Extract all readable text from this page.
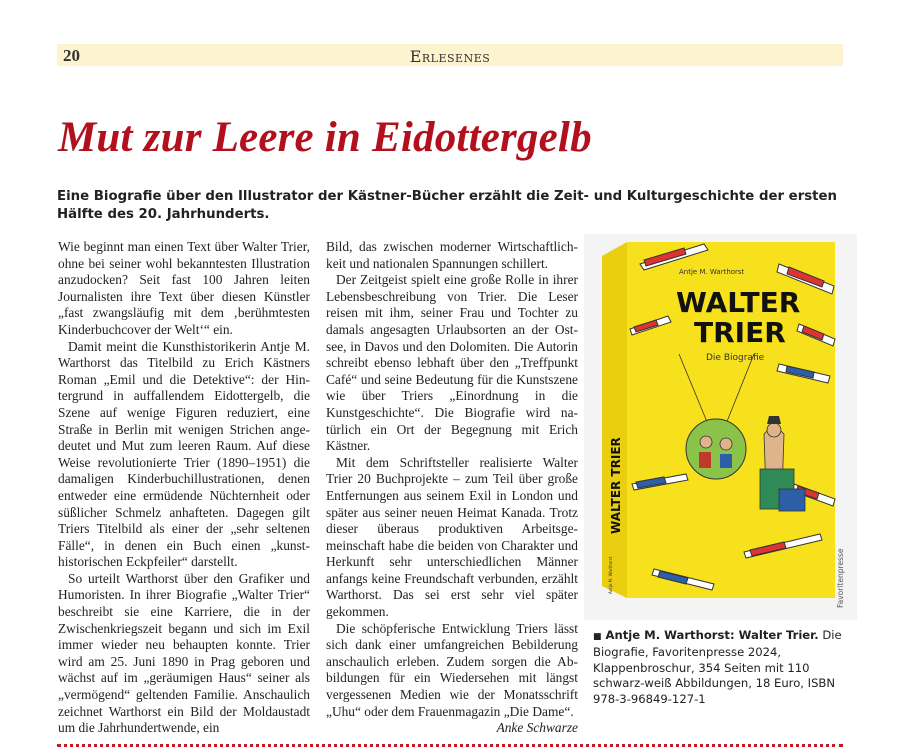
20	Erlesenes
Mut zur Leere in Eidottergelb

Eine Biografie über den Illustrator der Kästner-Bücher erzählt die Zeit- und Kulturgeschichte der ersten Hälfte des 20. Jahrhunderts.

Wie beginnt man einen Text über Walter Trier, ohne bei seiner wohl bekanntesten Illustration anzudocken? Seit fast 100 Jahren leiten Journalisten ihre Text über diesen Künstler „fast zwangsläufig mit dem ‚berühmtesten Kinderbuchcover der Welt‘“ ein.

Damit meint die Kunsthistorikerin Antje M. Warthorst das Titelbild zu Erich Kästners Roman „Emil und die Detektive“: der Hintergrund in auffallendem Eidottergelb, die Szene auf wenige Figuren reduziert, eine Straße in Berlin mit wenigen Strichen angedeutet und Mut zum leeren Raum. Auf diese Weise revolutionierte Trier (1890–1951) die damaligen Kinderbuchillustrationen, denen entweder eine ermüdende Nüchternheit oder süßlicher Schmelz anhafteten. Dagegen gilt Triers Titelbild als einer der „sehr seltenen Fälle“, in denen ein Buch einen „kunsthistorischen Eckpfeiler“ darstellt.

So urteilt Warthorst über den Grafiker und Humoristen. In ihrer Biografie „Walter Trier“ beschreibt sie eine Karriere, die in der Zwischenkriegszeit begann und sich im Exil immer wieder neu behaupten konnte. Trier wird am 25. Juni 1890 in Prag geboren und wächst auf im „geräumigen Haus“ seiner als „vermögend“ geltenden Familie. Anschaulich zeichnet Warthorst ein Bild der Moldaustadt um die Jahrhundertwende, ein

Bild, das zwischen moderner Wirtschaftlichkeit und nationalen Spannungen schillert.

Der Zeitgeist spielt eine große Rolle in ihrer Lebensbeschreibung von Trier. Die Leser reisen mit ihm, seiner Frau und Tochter zu damals angesagten Urlaubsorten an der Ostsee, in Davos und den Dolomiten. Die Autorin schreibt ebenso lebhaft über den „Treffpunkt Café“ und seine Bedeutung für die Kunstszene wie über Triers „Einordnung in die Kunstgeschichte“. Die Biografie wird natürlich ein Ort der Begegnung mit Erich Kästner.

Mit dem Schriftsteller realisierte Walter Trier 20 Buchprojekte – zum Teil über große Entfernungen aus seinem Exil in London und später aus seiner neuen Heimat Kanada. Trotz dieser überaus produktiven Arbeitsgemeinschaft habe die beiden von Charakter und Herkunft sehr unterschiedlichen Männer anfangs keine Freundschaft verbunden, erzählt Warthorst. Das sei erst sehr viel später gekommen.

Die schöpferische Entwicklung Triers lässt sich dank einer umfangreichen Bebilderung anschaulich erleben. Zudem sorgen die Abbildungen für ein Wiedersehen mit längst vergessenen Medien wie der Monatsschrift „Uhu“ oder dem Frauenmagazin „Die Dame“.
Anke Schwarze

Antje M. Warthorst
WALTER
TRIER
Die Biografie
WALTER TRIER
Antje M. Warthorst	Favoritenpresse
■ Antje M. Warthorst: Walter Trier. Die Biografie, Favoritenpresse 2024, Klappenbroschur, 354 Seiten mit 110 schwarz-weiß Abbildungen, 18 Euro, ISBN 978-3-96849-127-1
